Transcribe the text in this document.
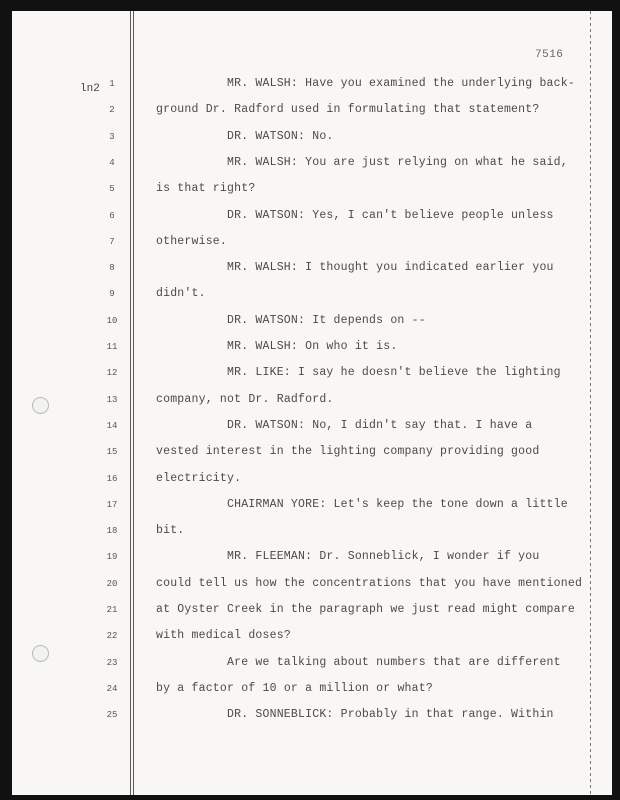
7516
ln2	1	MR. WALSH: Have you examined the underlying back-
2	ground Dr. Radford used in formulating that statement?
3	DR. WATSON: No.
4	MR. WALSH: You are just relying on what he said,
5	is that right?
6	DR. WATSON: Yes, I can't believe people unless
7	otherwise.
8	MR. WALSH: I thought you indicated earlier you
9	didn't.
10	DR. WATSON: It depends on --
11	MR. WALSH: On who it is.
12	MR. LIKE: I say he doesn't believe the lighting
13	company, not Dr. Radford.
14	DR. WATSON: No, I didn't say that. I have a
15	vested interest in the lighting company providing good
16	electricity.
17	CHAIRMAN YORE: Let's keep the tone down a little
18	bit.
19	MR. FLEEMAN: Dr. Sonneblick, I wonder if you
20	could tell us how the concentrations that you have mentioned
21	at Oyster Creek in the paragraph we just read might compare
22	with medical doses?
23	Are we talking about numbers that are different
24	by a factor of 10 or a million or what?
25	DR. SONNEBLICK: Probably in that range. Within
